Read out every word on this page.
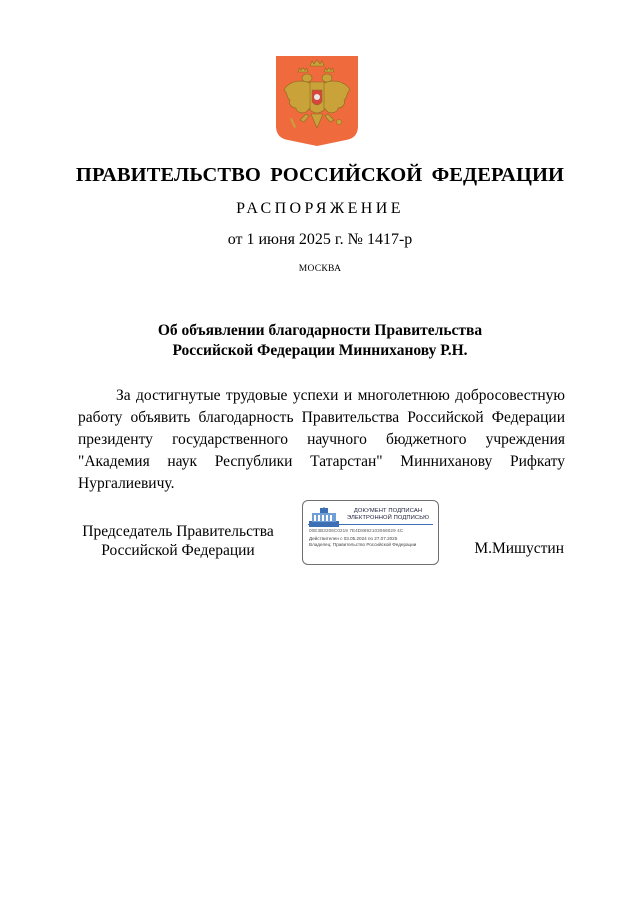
ПРАВИТЕЛЬСТВО РОССИЙСКОЙ ФЕДЕРАЦИИ
РАСПОРЯЖЕНИЕ
от 1 июня 2025 г. № 1417-р
МОСКВА
Об объявлении благодарности Правительства
Российской Федерации Минниханову Р.Н.
За достигнутые трудовые успехи и многолетнюю добросовестную
работу объявить благодарность Правительства Российской Федерации
президенту государственного научного бюджетного учреждения
"Академия наук Республики Татарстан" Минниханову Рифкату
Нургалиевичу.
Председатель Правительства
Российской Федерации
ДОКУМЕНТ ПОДПИСАН
ЭЛЕКТРОННОЙ ПОДПИСЬЮ
00E3B3206C0219 7E4D8692103066029 4C
Действителен с 03.05.2024 по 27.07.2025
Владелец: Правительство Российской Федерации	М.Мишустин
